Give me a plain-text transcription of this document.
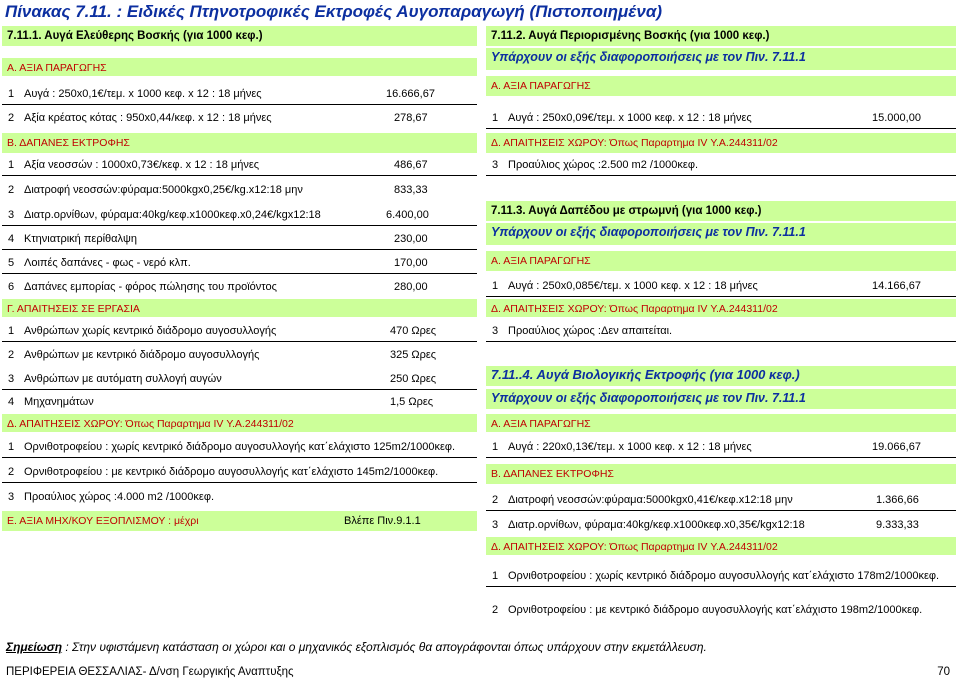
Πίνακας 7.11. : Ειδικές Πτηνοτροφικές Εκτροφές Αυγοπαραγωγή (Πιστοποιημένα)
7.11.1. Αυγά Ελεύθερης Βοσκής (για 1000 κεφ.)
Α. ΑΞΙΑ ΠΑΡΑΓΩΓΗΣ
1 Αυγά : 250x0,1€/τεμ. x 1000 κεφ. x 12 : 18 μήνες	16.666,67
2 Αξία κρέατος κότας : 950x0,44/κεφ. x 12 : 18 μήνες	278,67
Β. ΔΑΠΑΝΕΣ ΕΚΤΡΟΦΗΣ
1 Αξία νεοσσών : 1000x0,73€/κεφ. x 12 : 18 μήνες	486,67
2 Διατροφή νεοσσών:φύραμα:5000kgx0,25€/kg.x12:18 μην	833,33
3 Διατρ.ορνίθων, φύραμα:40kg/κεφ.x1000κεφ.x0,24€/kgx12:18	6.400,00
4 Κτηνιατρική περίθαλψη	230,00
5 Λοιπές δαπάνες - φως - νερό κλπ.	170,00
6 Δαπάνες εμπορίας - φόρος πώλησης του προϊόντος	280,00
Γ. ΑΠΑΙΤΗΣΕΙΣ ΣΕ ΕΡΓΑΣΙΑ
1 Ανθρώπων χωρίς κεντρικό διάδρομο αυγοσυλλογής	470 Ωρες
2 Ανθρώπων με κεντρικό διάδρομο αυγοσυλλογής	325 Ωρες
3 Ανθρώπων με αυτόματη συλλογή αυγών	250 Ωρες
4 Μηχανημάτων	1,5 Ωρες
Δ. ΑΠΑΙΤΗΣΕΙΣ ΧΩΡΟΥ: Όπως Παραρτημα IV Υ.Α.244311/02
1 Ορνιθοτροφείου : χωρίς κεντρικό διάδρομο αυγοσυλλογής κατ΄ελάχιστο 125m2/1000κεφ.
2 Ορνιθοτροφείου : με κεντρικό διάδρομο αυγοσυλλογής κατ΄ελάχιστο 145m2/1000κεφ.
3 Προαύλιος χώρος :4.000 m2 /1000κεφ.
Ε. ΑΞΙΑ ΜΗΧ/ΚΟΥ ΕΞΟΠΛΙΣΜΟΥ : μέχρι	Βλέπε Πιν.9.1.1
7.11.2. Αυγά Περιορισμένης Βοσκής (για 1000 κεφ.)
Υπάρχουν οι εξής διαφοροποιήσεις με τον Πιν. 7.11.1
Α. ΑΞΙΑ ΠΑΡΑΓΩΓΗΣ
1 Αυγά : 250x0,09€/τεμ. x 1000 κεφ. x 12 : 18 μήνες	15.000,00
Δ. ΑΠΑΙΤΗΣΕΙΣ ΧΩΡΟΥ: Όπως Παραρτημα IV Υ.Α.244311/02
3 Προαύλιος χώρος :2.500 m2 /1000κεφ.
7.11.3. Αυγά Δαπέδου με στρωμνή (για 1000 κεφ.)
Υπάρχουν οι εξής διαφοροποιήσεις με τον Πιν. 7.11.1
Α. ΑΞΙΑ ΠΑΡΑΓΩΓΗΣ
1 Αυγά : 250x0,085€/τεμ. x 1000 κεφ. x 12 : 18 μήνες	14.166,67
Δ. ΑΠΑΙΤΗΣΕΙΣ ΧΩΡΟΥ: Όπως Παραρτημα IV Υ.Α.244311/02
3 Προαύλιος χώρος :Δεν απαιτείται.
7.11..4. Αυγά Βιολογικής Εκτροφής (για 1000 κεφ.)
Υπάρχουν οι εξής διαφοροποιήσεις με τον Πιν. 7.11.1
Α. ΑΞΙΑ ΠΑΡΑΓΩΓΗΣ
1 Αυγά : 220x0,13€/τεμ. x 1000 κεφ. x 12 : 18 μήνες	19.066,67
Β. ΔΑΠΑΝΕΣ ΕΚΤΡΟΦΗΣ
2 Διατροφή νεοσσών:φύραμα:5000kgx0,41€/κεφ.x12:18 μην	1.366,66
3 Διατρ.ορνίθων, φύραμα:40kg/κεφ.x1000κεφ.x0,35€/kgx12:18	9.333,33
Δ. ΑΠΑΙΤΗΣΕΙΣ ΧΩΡΟΥ: Όπως Παραρτημα IV Υ.Α.244311/02
1 Ορνιθοτροφείου : χωρίς κεντρικό διάδρομο αυγοσυλλογής κατ΄ελάχιστο 178m2/1000κεφ.
2 Ορνιθοτροφείου : με κεντρικό διάδρομο αυγοσυλλογής κατ΄ελάχιστο 198m2/1000κεφ.
Σημείωση : Στην υφιστάμενη κατάσταση οι χώροι και ο μηχανικός εξοπλισμός θα απογράφονται όπως υπάρχουν στην εκμετάλλευση.
ΠΕΡΙΦΕΡΕΙΑ ΘΕΣΣΑΛΙΑΣ- Δ/νση Γεωργικής Αναπτυξης	70
